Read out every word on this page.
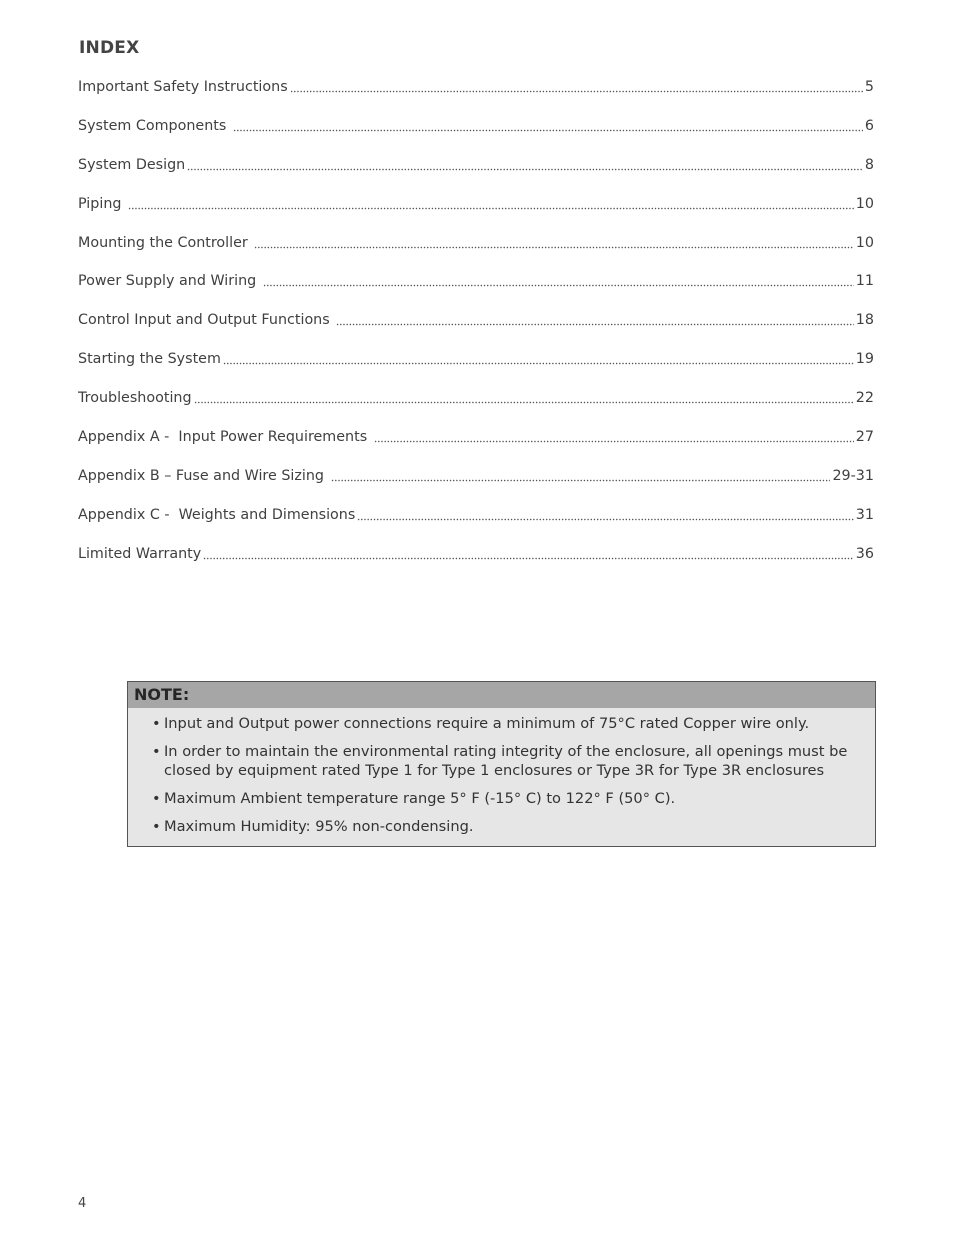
INDEX
Important Safety Instructions	5
System Components	6
System Design	8
Piping	10
Mounting the Controller	10
Power Supply and Wiring	11
Control Input and Output Functions	18
Starting the System	19
Troubleshooting	22
Appendix A -  Input Power Requirements	27
Appendix B – Fuse and Wire Sizing	29-31
Appendix C -  Weights and Dimensions	31
Limited Warranty	36
NOTE:
• Input and Output power connections require a minimum of 75°C rated Copper wire only.
• In order to maintain the environmental rating integrity of the enclosure, all openings must be closed by equipment rated Type 1 for Type 1 enclosures or Type 3R for Type 3R enclosures
• Maximum Ambient temperature range 5° F (-15° C) to 122° F (50° C).
• Maximum Humidity: 95% non-condensing.
4
